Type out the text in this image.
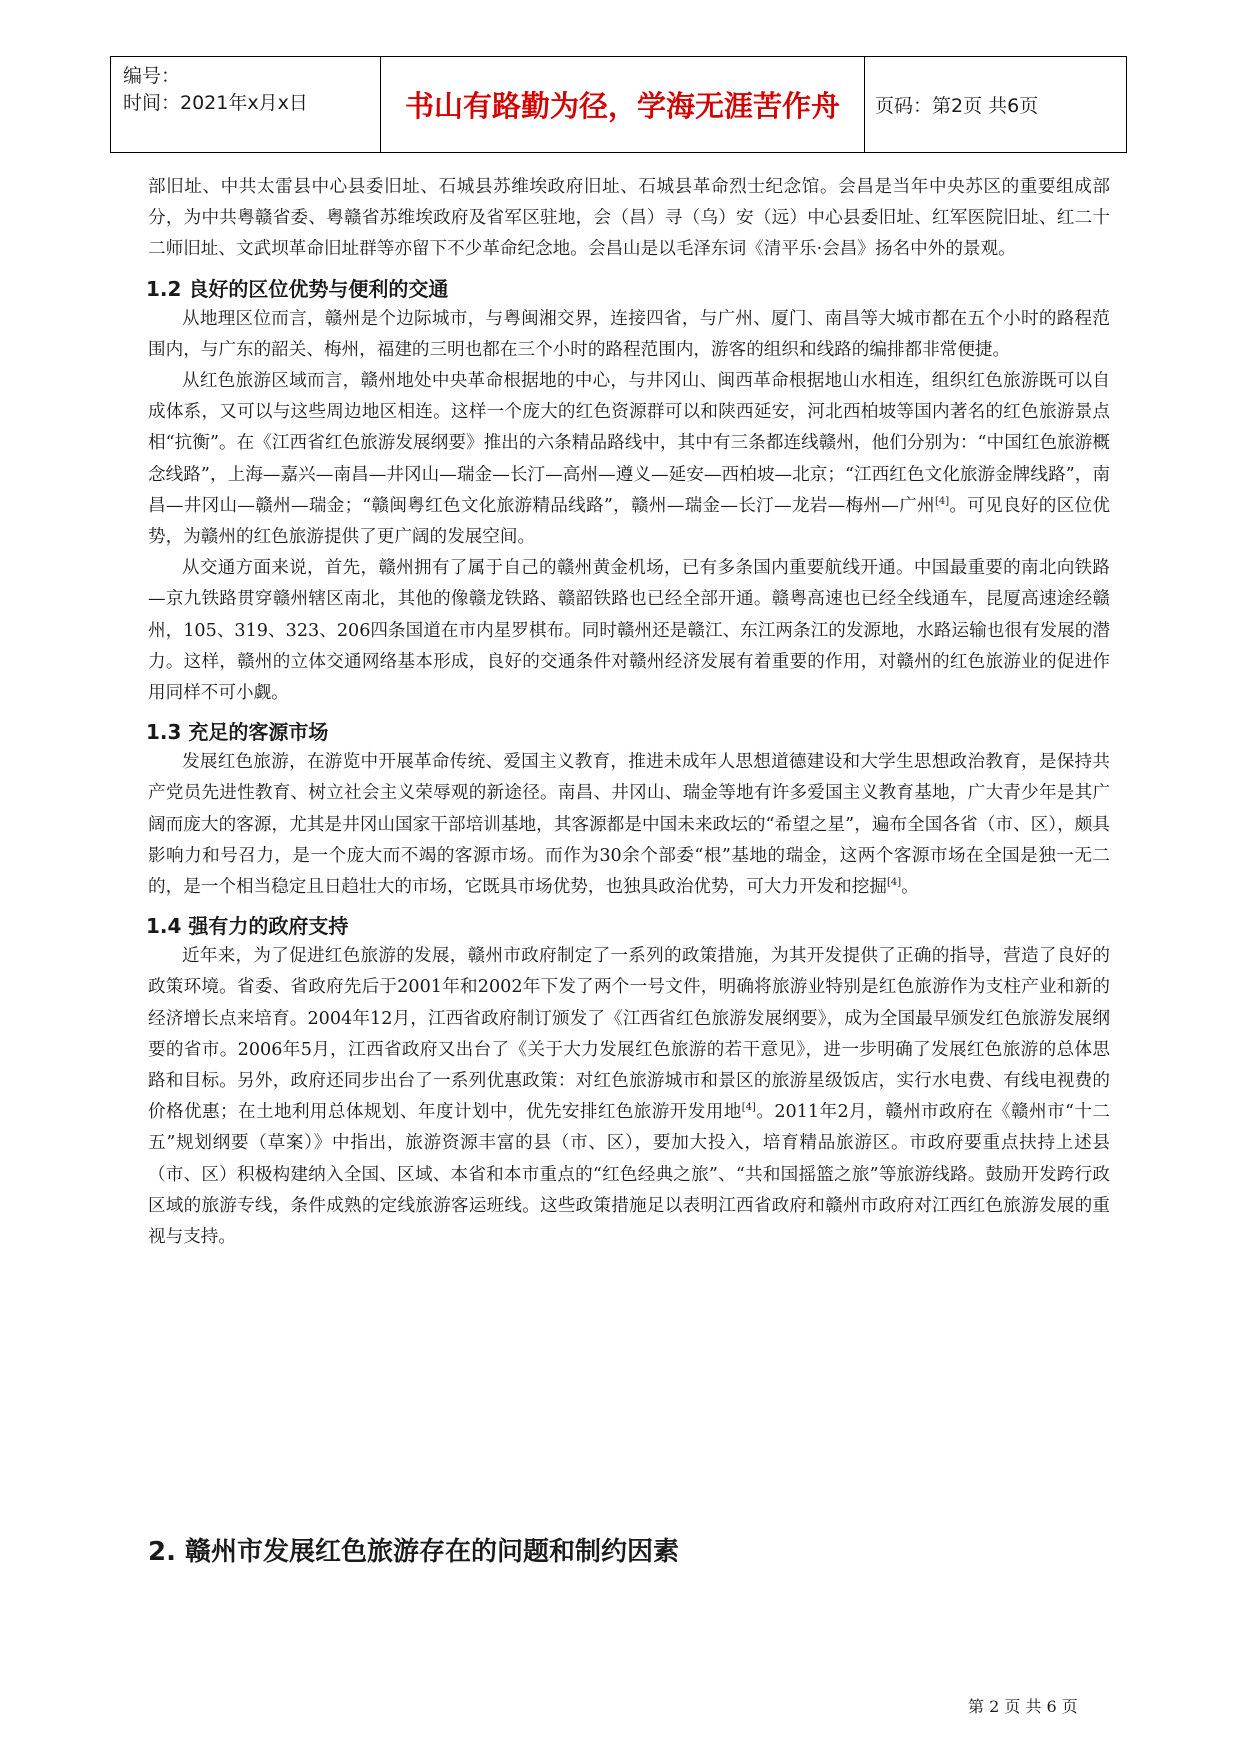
编号：
时间：2021年x月x日	书山有路勤为径，学海无涯苦作舟	页码：第2页 共6页

部旧址、中共太雷县中心县委旧址、石城县苏维埃政府旧址、石城县革命烈士纪念馆。会昌是当年中央苏区的重要组成部分，为中共粤赣省委、粤赣省苏维埃政府及省军区驻地，会（昌）寻（乌）安（远）中心县委旧址、红军医院旧址、红二十二师旧址、文武坝革命旧址群等亦留下不少革命纪念地。会昌山是以毛泽东词《清平乐·会昌》扬名中外的景观。

1.2 良好的区位优势与便利的交通

从地理区位而言，赣州是个边际城市，与粤闽湘交界，连接四省，与广州、厦门、南昌等大城市都在五个小时的路程范围内，与广东的韶关、梅州，福建的三明也都在三个小时的路程范围内，游客的组织和线路的编排都非常便捷。

从红色旅游区域而言，赣州地处中央革命根据地的中心，与井冈山、闽西革命根据地山水相连，组织红色旅游既可以自成体系，又可以与这些周边地区相连。这样一个庞大的红色资源群可以和陕西延安，河北西柏坡等国内著名的红色旅游景点相“抗衡”。在《江西省红色旅游发展纲要》推出的六条精品路线中，其中有三条都连线赣州，他们分别为：“中国红色旅游概念线路”，上海—嘉兴—南昌—井冈山—瑞金—长汀—高州—遵义—延安—西柏坡—北京；“江西红色文化旅游金牌线路”，南昌—井冈山—赣州—瑞金；“赣闽粤红色文化旅游精品线路”，赣州—瑞金—长汀—龙岩—梅州—广州[4]。可见良好的区位优势，为赣州的红色旅游提供了更广阔的发展空间。

从交通方面来说，首先，赣州拥有了属于自己的赣州黄金机场，已有多条国内重要航线开通。中国最重要的南北向铁路—京九铁路贯穿赣州辖区南北，其他的像赣龙铁路、赣韶铁路也已经全部开通。赣粤高速也已经全线通车，昆厦高速途经赣州，105、319、323、206四条国道在市内星罗棋布。同时赣州还是赣江、东江两条江的发源地，水路运输也很有发展的潜力。这样，赣州的立体交通网络基本形成，良好的交通条件对赣州经济发展有着重要的作用，对赣州的红色旅游业的促进作用同样不可小觑。

1.3 充足的客源市场

发展红色旅游，在游览中开展革命传统、爱国主义教育，推进未成年人思想道德建设和大学生思想政治教育，是保持共产党员先进性教育、树立社会主义荣辱观的新途径。南昌、井冈山、瑞金等地有许多爱国主义教育基地，广大青少年是其广阔而庞大的客源，尤其是井冈山国家干部培训基地，其客源都是中国未来政坛的“希望之星”，遍布全国各省（市、区），颇具影响力和号召力，是一个庞大而不竭的客源市场。而作为30余个部委“根”基地的瑞金，这两个客源市场在全国是独一无二的，是一个相当稳定且日趋壮大的市场，它既具市场优势，也独具政治优势，可大力开发和挖掘[4]。

1.4 强有力的政府支持

近年来，为了促进红色旅游的发展，赣州市政府制定了一系列的政策措施，为其开发提供了正确的指导，营造了良好的政策环境。省委、省政府先后于2001年和2002年下发了两个一号文件，明确将旅游业特别是红色旅游作为支柱产业和新的经济增长点来培育。2004年12月，江西省政府制订颁发了《江西省红色旅游发展纲要》，成为全国最早颁发红色旅游发展纲要的省市。2006年5月，江西省政府又出台了《关于大力发展红色旅游的若干意见》，进一步明确了发展红色旅游的总体思路和目标。另外，政府还同步出台了一系列优惠政策：对红色旅游城市和景区的旅游星级饭店，实行水电费、有线电视费的价格优惠；在土地利用总体规划、年度计划中，优先安排红色旅游开发用地[4]。2011年2月，赣州市政府在《赣州市“十二五”规划纲要（草案）》中指出，旅游资源丰富的县（市、区），要加大投入，培育精品旅游区。市政府要重点扶持上述县（市、区）积极构建纳入全国、区域、本省和本市重点的“红色经典之旅”、“共和国摇篮之旅”等旅游线路。鼓励开发跨行政区域的旅游专线，条件成熟的定线旅游客运班线。这些政策措施足以表明江西省政府和赣州市政府对江西红色旅游发展的重视与支持。

2. 赣州市发展红色旅游存在的问题和制约因素
第 2 页 共 6 页
